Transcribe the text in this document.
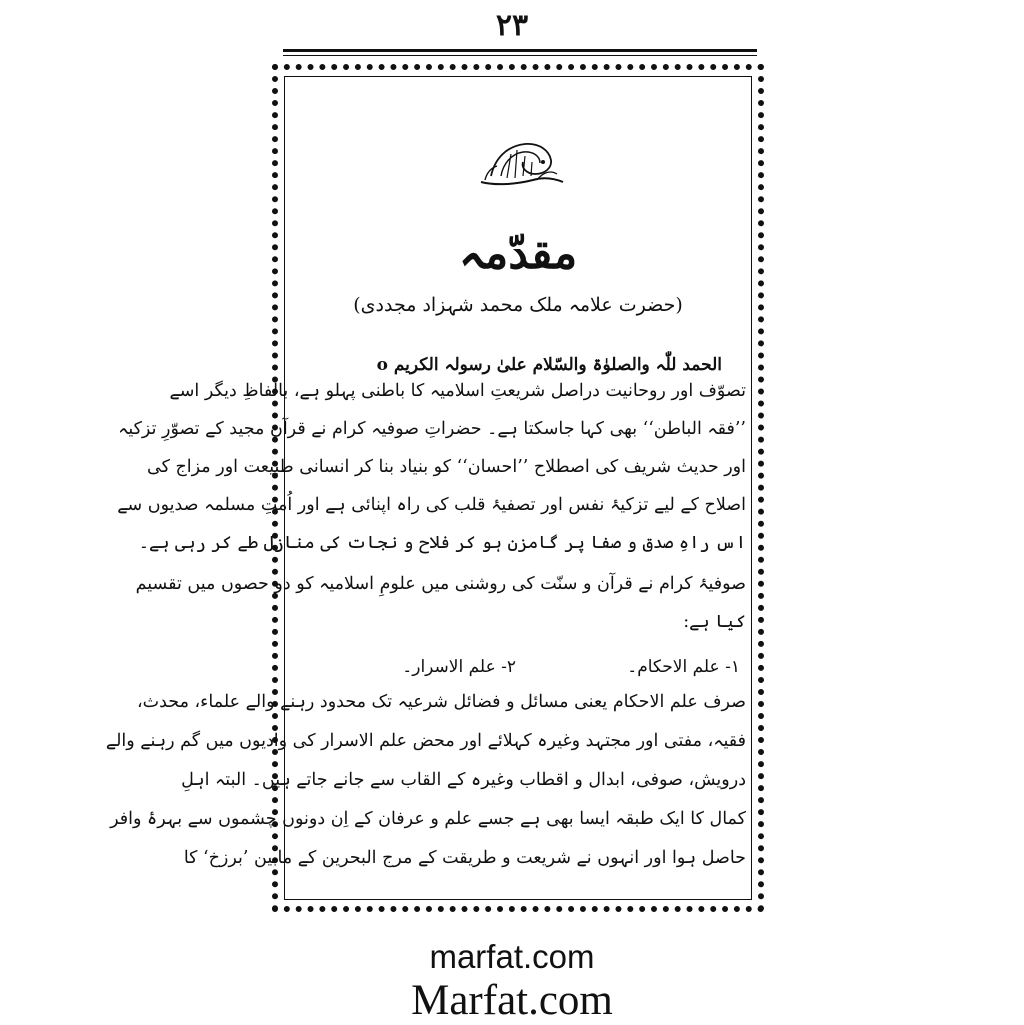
۲۳
مقدّمہ
(حضرت علامہ ملک محمد شہزاد مجددی)
الحمد للّٰہ والصلوٰۃ والسّلام علیٰ رسولہ الکریم o
تصوّف اور روحانیت دراصل شریعتِ اسلامیہ کا باطنی پہلو ہے، بالفاظِ دیگر اسے
’’فقہ الباطن‘‘ بھی کہا جاسکتا ہے۔ حضراتِ صوفیہ کرام نے قرآن مجید کے تصوّرِ تزکیہ
اور حدیث شریف کی اصطلاح ’’احسان‘‘ کو بنیاد بنا کر انسانی طبیعت اور مزاج کی
اصلاح کے لیے تزکیۂ نفس اور تصفیۂ قلب کی راہ اپنائی ہے اور اُمتِ مسلمہ صدیوں سے
اس راہِ صدق و صفا پر گامزن ہو کر فلاح و نجات کی منازل طے کر رہی ہے۔
صوفیۂ کرام نے قرآن و سنّت کی روشنی میں علومِ اسلامیہ کو دو حصوں میں تقسیم
کیا ہے:
۱- علم الاحکام۔
۲- علم الاسرار۔
صرف علم الاحکام یعنی مسائل و فضائل شرعیہ تک محدود رہنے والے علماء، محدث،
فقیہ، مفتی اور مجتہد وغیرہ کہلائے اور محض علم الاسرار کی وادیوں میں گم رہنے والے
درویش، صوفی، ابدال و اقطاب وغیرہ کے القاب سے جانے جاتے ہیں۔ البتہ اہلِ
کمال کا ایک طبقہ ایسا بھی ہے جسے علم و عرفان کے اِن دونوں چشموں سے بہرۂ وافر
حاصل ہوا اور انہوں نے شریعت و طریقت کے مرج البحرین کے مابین ’برزخ‘ کا
marfat.com
Marfat.com
